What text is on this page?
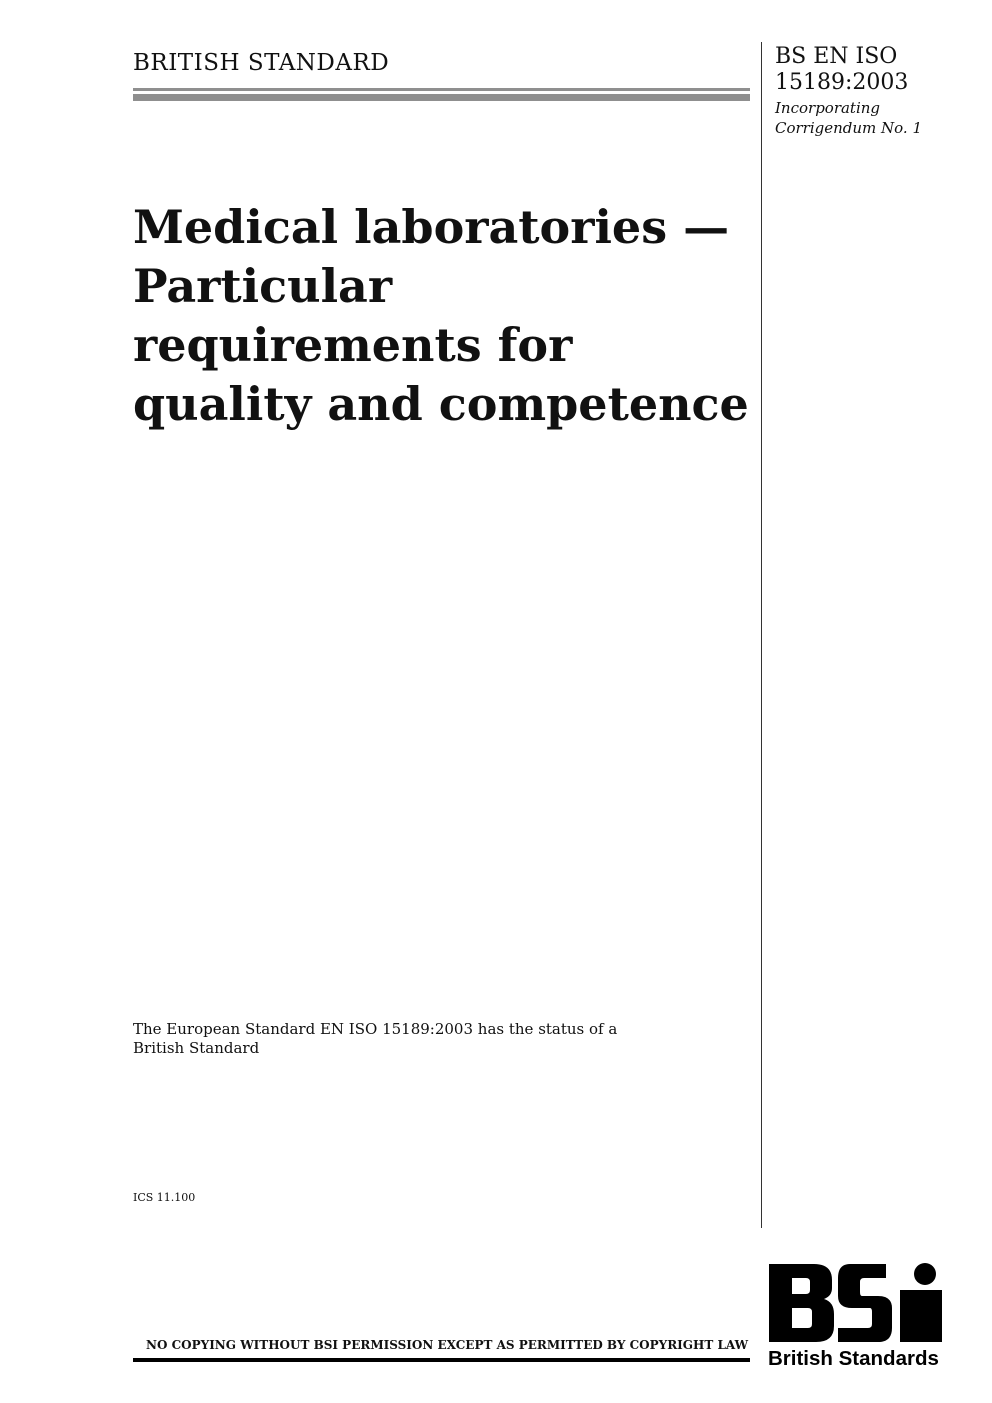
BRITISH STANDARD	BS EN ISO
15189:2003
Incorporating
Corrigendum No. 1
Medical laboratories —
Particular
requirements for
quality and competence
The European Standard EN ISO 15189:2003 has the status of a
British Standard
ICS 11.100
NO COPYING WITHOUT BSI PERMISSION EXCEPT AS PERMITTED BY COPYRIGHT LAW
British Standards
